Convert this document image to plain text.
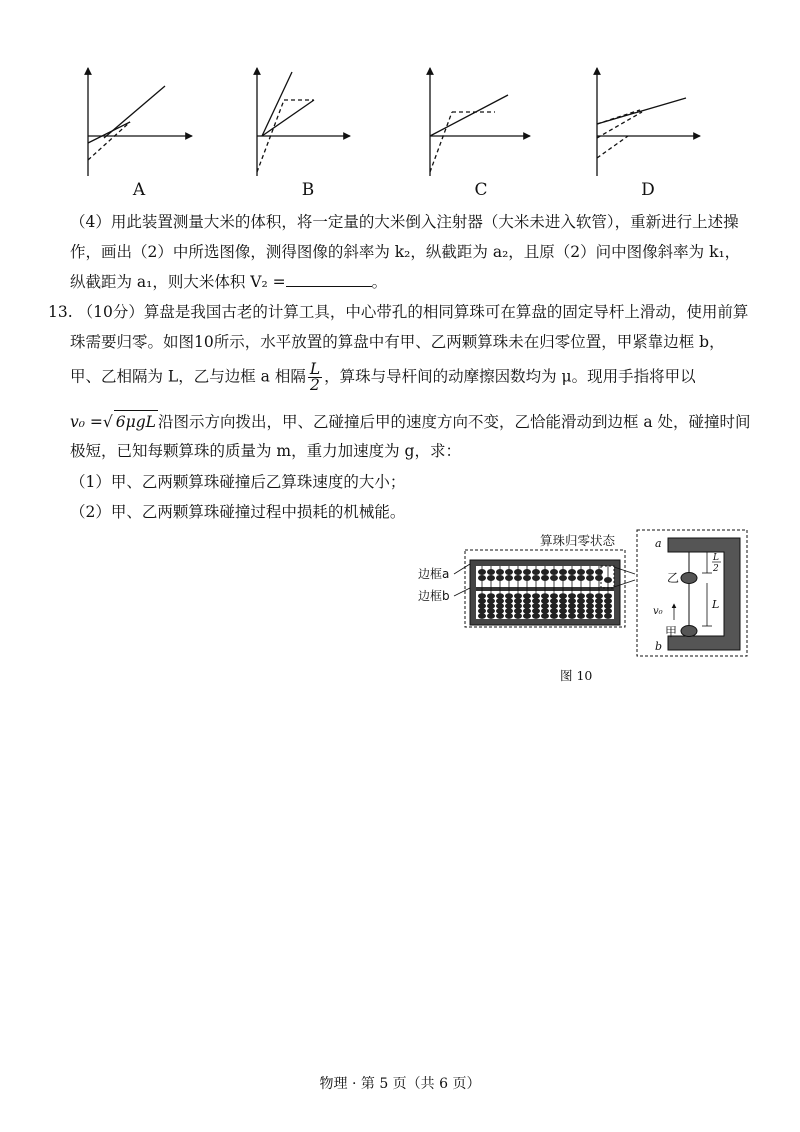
A	B	C	D
（4）用此装置测量大米的体积，将一定量的大米倒入注射器（大米未进入软管），重新进行上述操
作，画出（2）中所选图像，测得图像的斜率为 k₂，纵截距为 a₂，且原（2）问中图像斜率为 k₁，
纵截距为 a₁，则大米体积 V₂ =	。
13. （10分）算盘是我国古老的计算工具，中心带孔的相同算珠可在算盘的固定导杆上滑动，使用前算
珠需要归零。如图10所示，水平放置的算盘中有甲、乙两颗算珠未在归零位置，甲紧靠边框 b，
甲、乙相隔为 L，乙与边框 a 相隔 $\frac{L}{2}$ ，算珠与导杆间的动摩擦因数均为 μ。现用手指将甲以
v₀ =√ 6μgL 沿图示方向拨出，甲、乙碰撞后甲的速度方向不变，乙恰能滑动到边框 a 处，碰撞时间
极短，已知每颗算珠的质量为 m，重力加速度为 g，求：
（1）甲、乙两颗算珠碰撞后乙算珠速度的大小；
（2）甲、乙两颗算珠碰撞过程中损耗的机械能。
算珠归零状态
边框a
边框b
a
b
乙
甲
v₀
L
2
L
图 10
物理 · 第 5 页（共 6 页）
